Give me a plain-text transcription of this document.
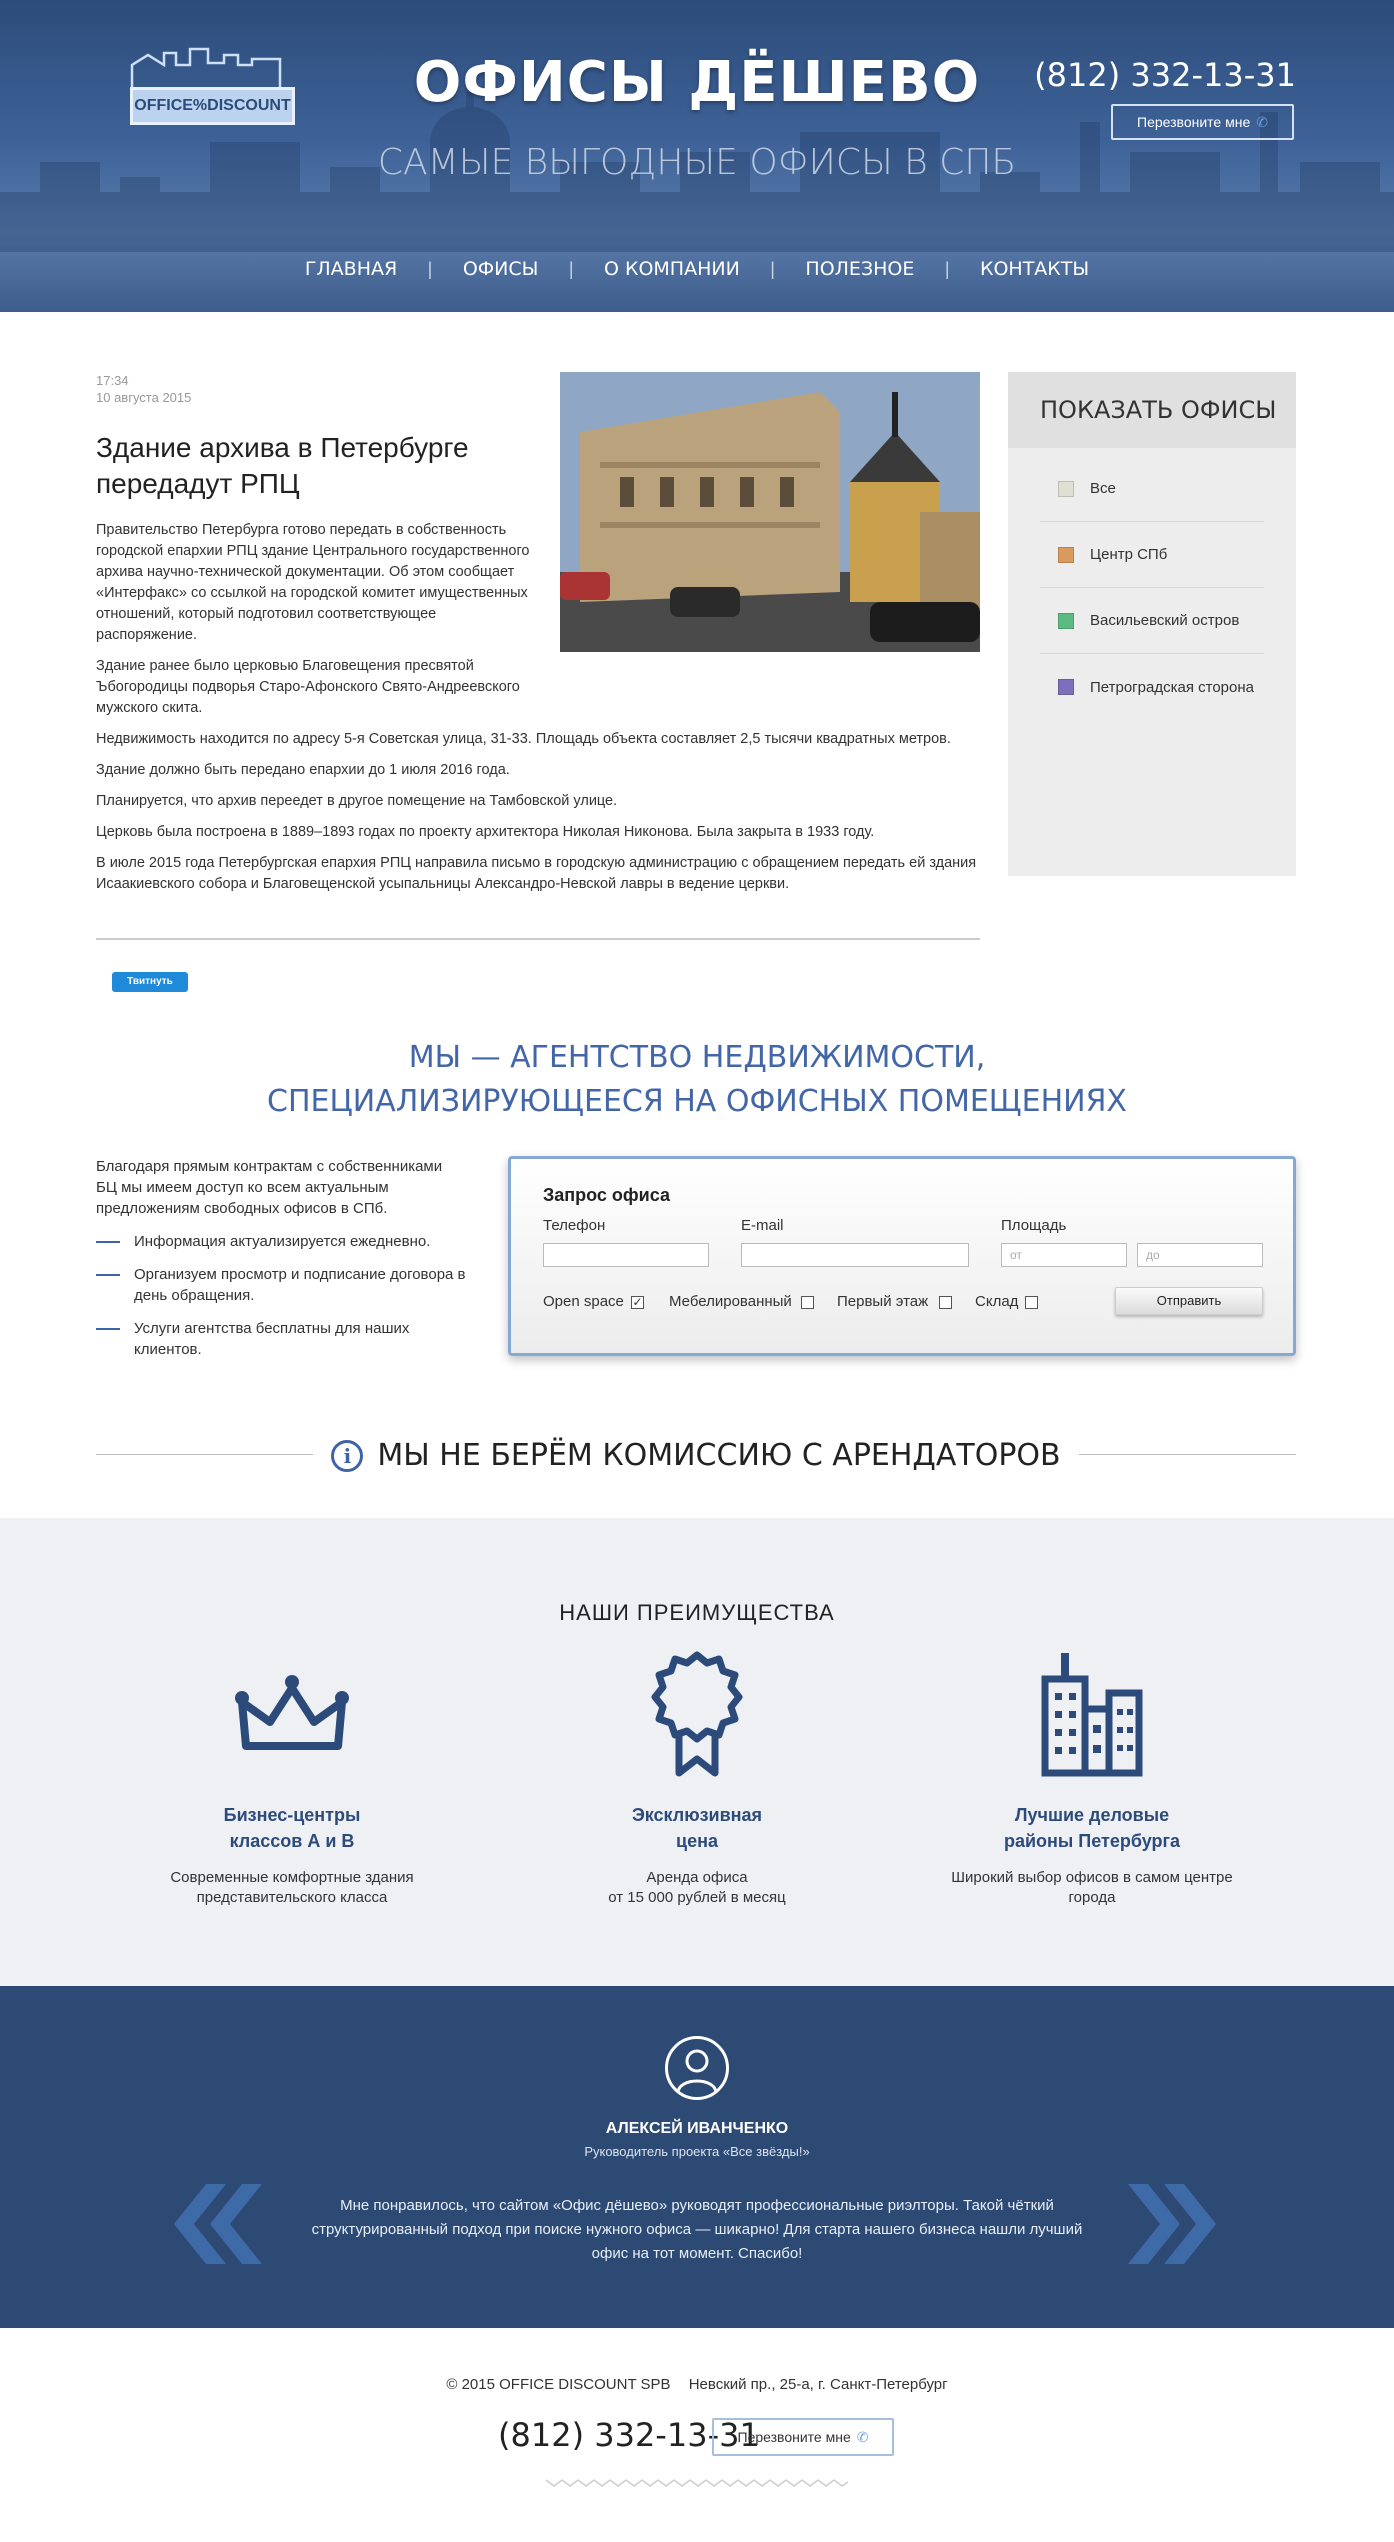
OFFICE%DISCOUNT	ОФИСЫ ДЁШЕВО
САМЫЕ ВЫГОДНЫЕ ОФИСЫ В СПБ
(812) 332-13-31
Перезвоните мне ✆
ГЛАВНАЯ | ОФИСЫ | О КОМПАНИИ | ПОЛЕЗНОЕ | КОНТАКТЫ
17:34
10 августа 2015
Здание архива в Петербурге передадут РПЦ
Правительство Петербурга готово передать в собственность городской епархии РПЦ здание Центрального государственного архива научно-технической документации. Об этом сообщает «Интерфакс» со ссылкой на городской комитет имущественных отношений, который подготовил соответствующее распоряжение.
Здание ранее было церковью Благовещения пресвятой Ъбогородицы подворья Старо-Афонского Свято-Андреевского мужского скита.
Недвижимость находится по адресу 5-я Советская улица, 31-33. Площадь объекта составляет 2,5 тысячи квадратных метров.
Здание должно быть передано епархии до 1 июля 2016 года.
Планируется, что архив переедет в другое помещение на Тамбовской улице.
Церковь была построена в 1889–1893 годах по проекту архитектора Николая Никонова. Была закрыта в 1933 году.
В июле 2015 года Петербургская епархия РПЦ направила письмо в городскую администрацию с обращением передать ей здания Исаакиевского собора и Благовещенской усыпальницы Александро-Невской лавры в ведение церкви.
Твитнуть
ПОКАЗАТЬ ОФИСЫ
Все
Центр СПб
Васильевский остров
Петроградская сторона
МЫ — АГЕНТСТВО НЕДВИЖИМОСТИ,
СПЕЦИАЛИЗИРУЮЩЕЕСЯ НА ОФИСНЫХ ПОМЕЩЕНИЯХ
Благодаря прямым контрактам с собственниками БЦ мы имеем доступ ко всем актуальным предложениям свободных офисов в СПб.
Информация актуализируется ежедневно.
Организуем просмотр и подписание договора в день обращения.
Услуги агентства бесплатны для наших клиентов.
Запрос офиса
Телефон	E-mail	Площадь
от	до
Open space ✓ Мебелированный	Первый этаж	Склад	Отправить
i МЫ НЕ БЕРЁМ КОМИССИЮ С АРЕНДАТОРОВ
НАШИ ПРЕИМУЩЕСТВА
Бизнес-центры
классов А и В
Современные комфортные здания
представительского класса
Эксклюзивная
цена
Аренда офиса
от 15 000 рублей в месяц
Лучшие деловые
районы Петербурга
Широкий выбор офисов в самом центре
города
АЛЕКСЕЙ ИВАНЧЕНКО
Руководитель проекта «Все звёзды!»
Мне понравилось, что сайтом «Офис дёшево» руководят профессиональные риэлторы. Такой чёткий структурированный подход при поиске нужного офиса — шикарно! Для старта нашего бизнеса нашли лучший офис на тот момент. Спасибо!
© 2015 OFFICE DISCOUNT SPB Невский пр., 25-а, г. Санкт-Петербург
(812) 332-13-31
Перезвоните мне ✆
